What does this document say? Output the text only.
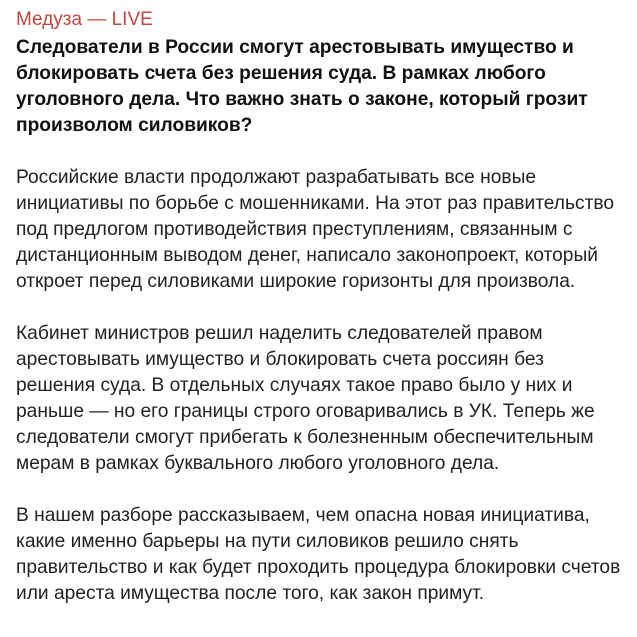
Медуза — LIVE

Следователи в России смогут арестовывать имущество и блокировать счета без решения суда. В рамках любого уголовного дела. Что важно знать о законе, который грозит произволом силовиков?

Российские власти продолжают разрабатывать все новые инициативы по борьбе с мошенниками. На этот раз правительство под предлогом противодействия преступлениям, связанным с дистанционным выводом денег, написало законопроект, который откроет перед силовиками широкие горизонты для произвола.

Кабинет министров решил наделить следователей правом арестовывать имущество и блокировать счета россиян без решения суда. В отдельных случаях такое право было у них и раньше — но его границы строго оговаривались в УК. Теперь же следователи смогут прибегать к болезненным обеспечительным мерам в рамках буквального любого уголовного дела.

В нашем разборе рассказываем, чем опасна новая инициатива, какие именно барьеры на пути силовиков решило снять правительство и как будет проходить процедура блокировки счетов или ареста имущества после того, как закон примут.
